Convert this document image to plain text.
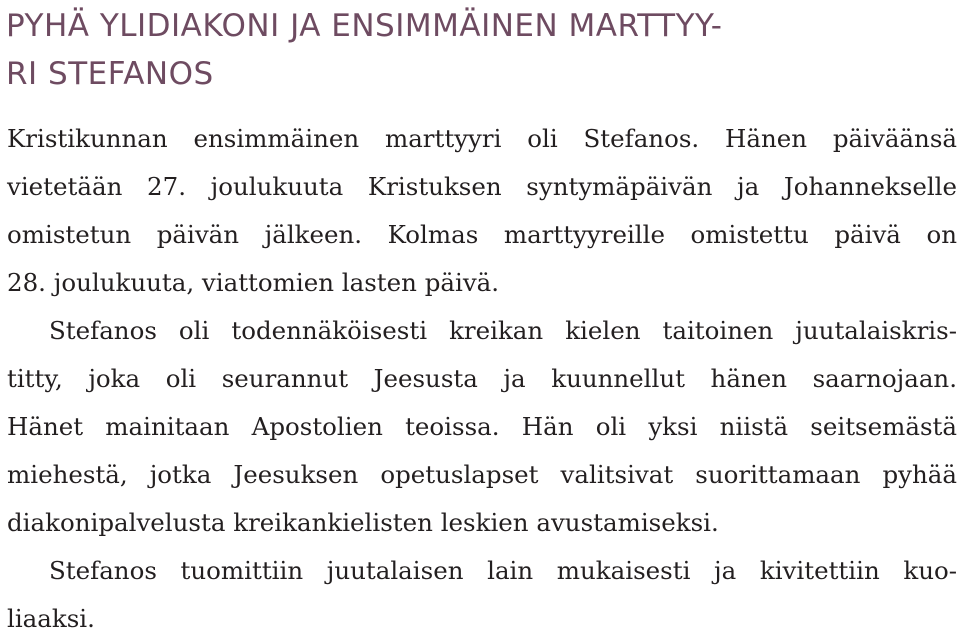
PYHÄ YLIDIAKONI JA ENSIMMÄINEN MARTTYY-
RI STEFANOS
Kristikunnan ensimmäinen marttyyri oli Stefanos. Hänen päiväänsä
vietetään 27. joulukuuta Kristuksen syntymäpäivän ja Johannekselle
omistetun päivän jälkeen. Kolmas marttyyreille omistettu päivä on
28. joulukuuta, viattomien lasten päivä.
Stefanos oli todennäköisesti kreikan kielen taitoinen juutalaiskris-
titty, joka oli seurannut Jeesusta ja kuunnellut hänen saarnojaan.
Hänet mainitaan Apostolien teoissa. Hän oli yksi niistä seitsemästä
miehestä, jotka Jeesuksen opetuslapset valitsivat suorittamaan pyhää
diakonipalvelusta kreikankielisten leskien avustamiseksi.
Stefanos tuomittiin juutalaisen lain mukaisesti ja kivitettiin kuo-
liaaksi.
